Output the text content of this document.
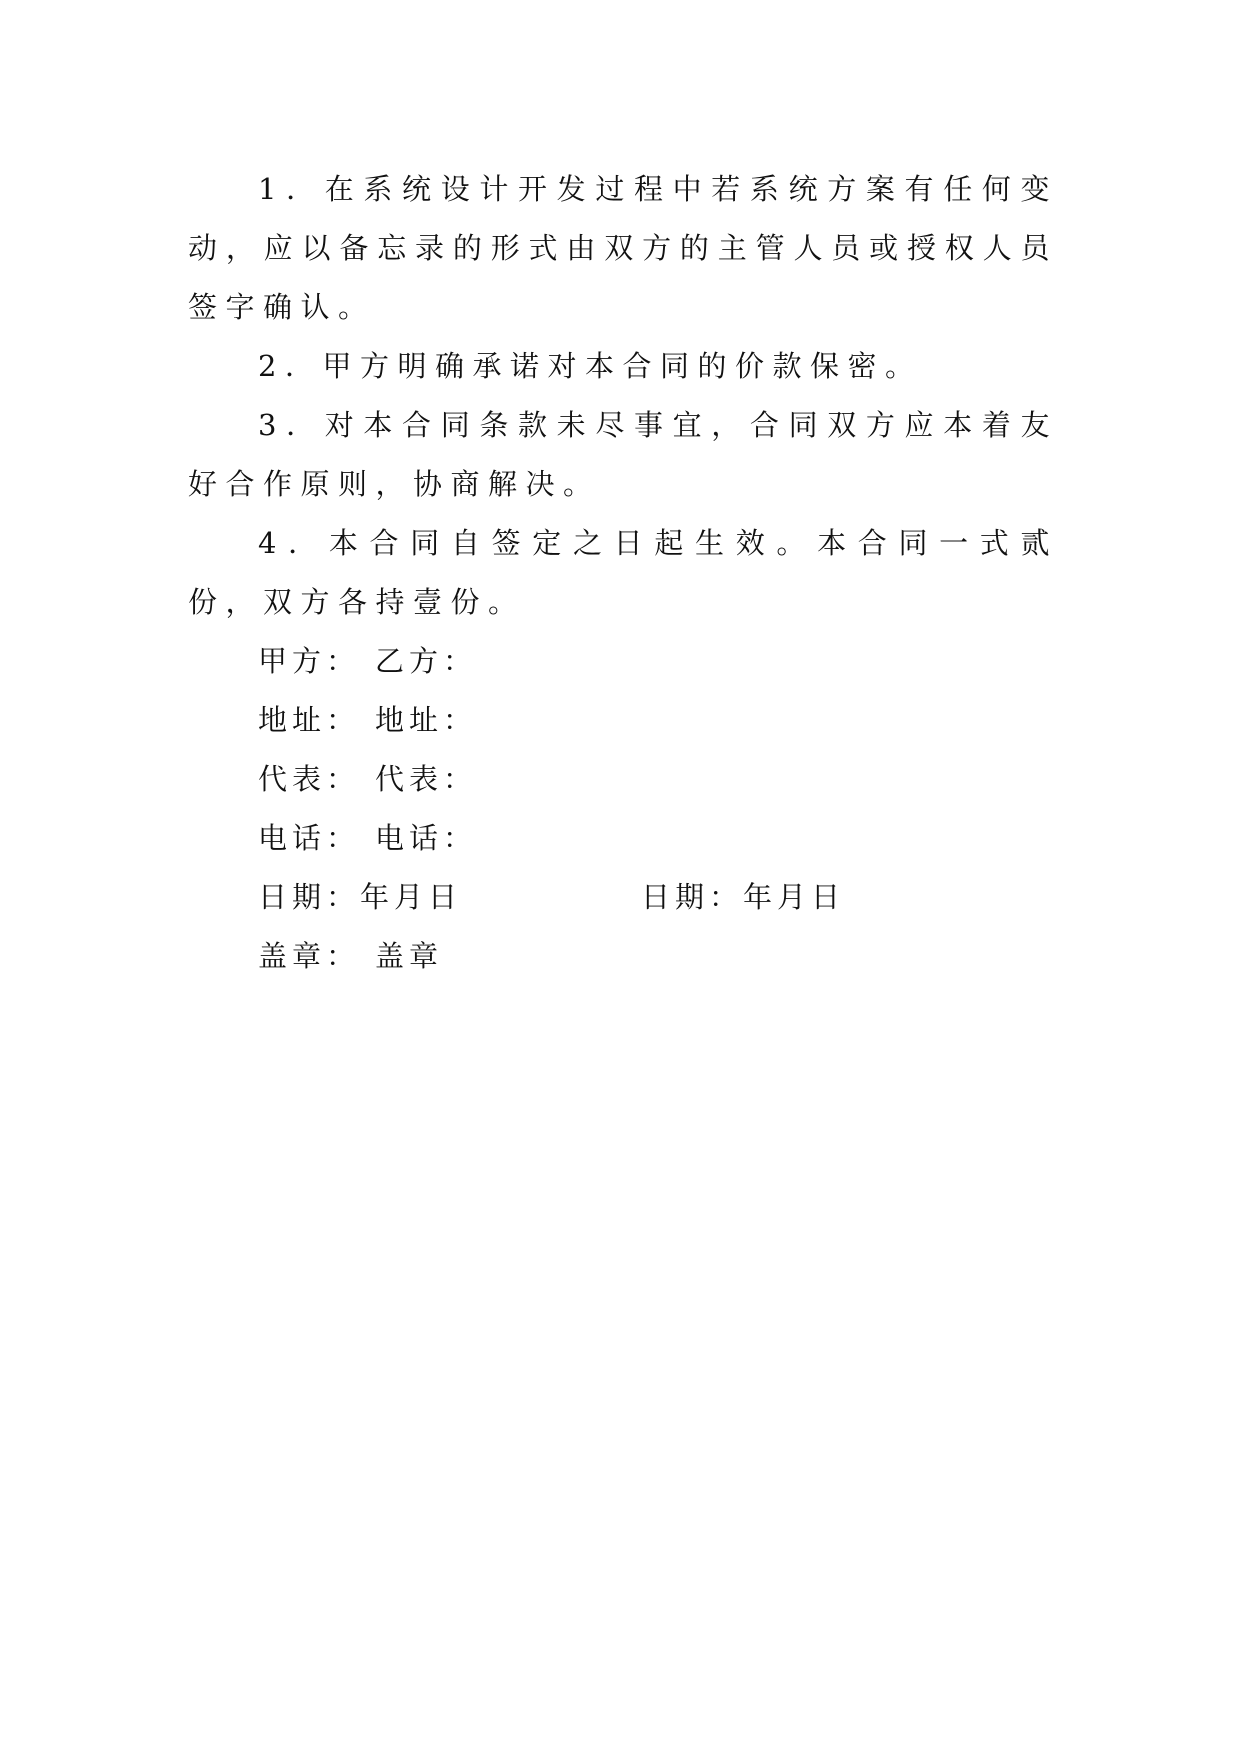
1．在系统设计开发过程中若系统方案有任何变动，应以备忘录的形式由双方的主管人员或授权人员签字确认。

2．甲方明确承诺对本合同的价款保密。

3．对本合同条款未尽事宜，合同双方应本着友好合作原则，协商解决。

4．本合同自签定之日起生效。本合同一式贰份，双方各持壹份。

甲方： 乙方：
地址： 地址：
代表： 代表：
电话： 电话：
日期：年月日	日期：年月日
盖章： 盖章
